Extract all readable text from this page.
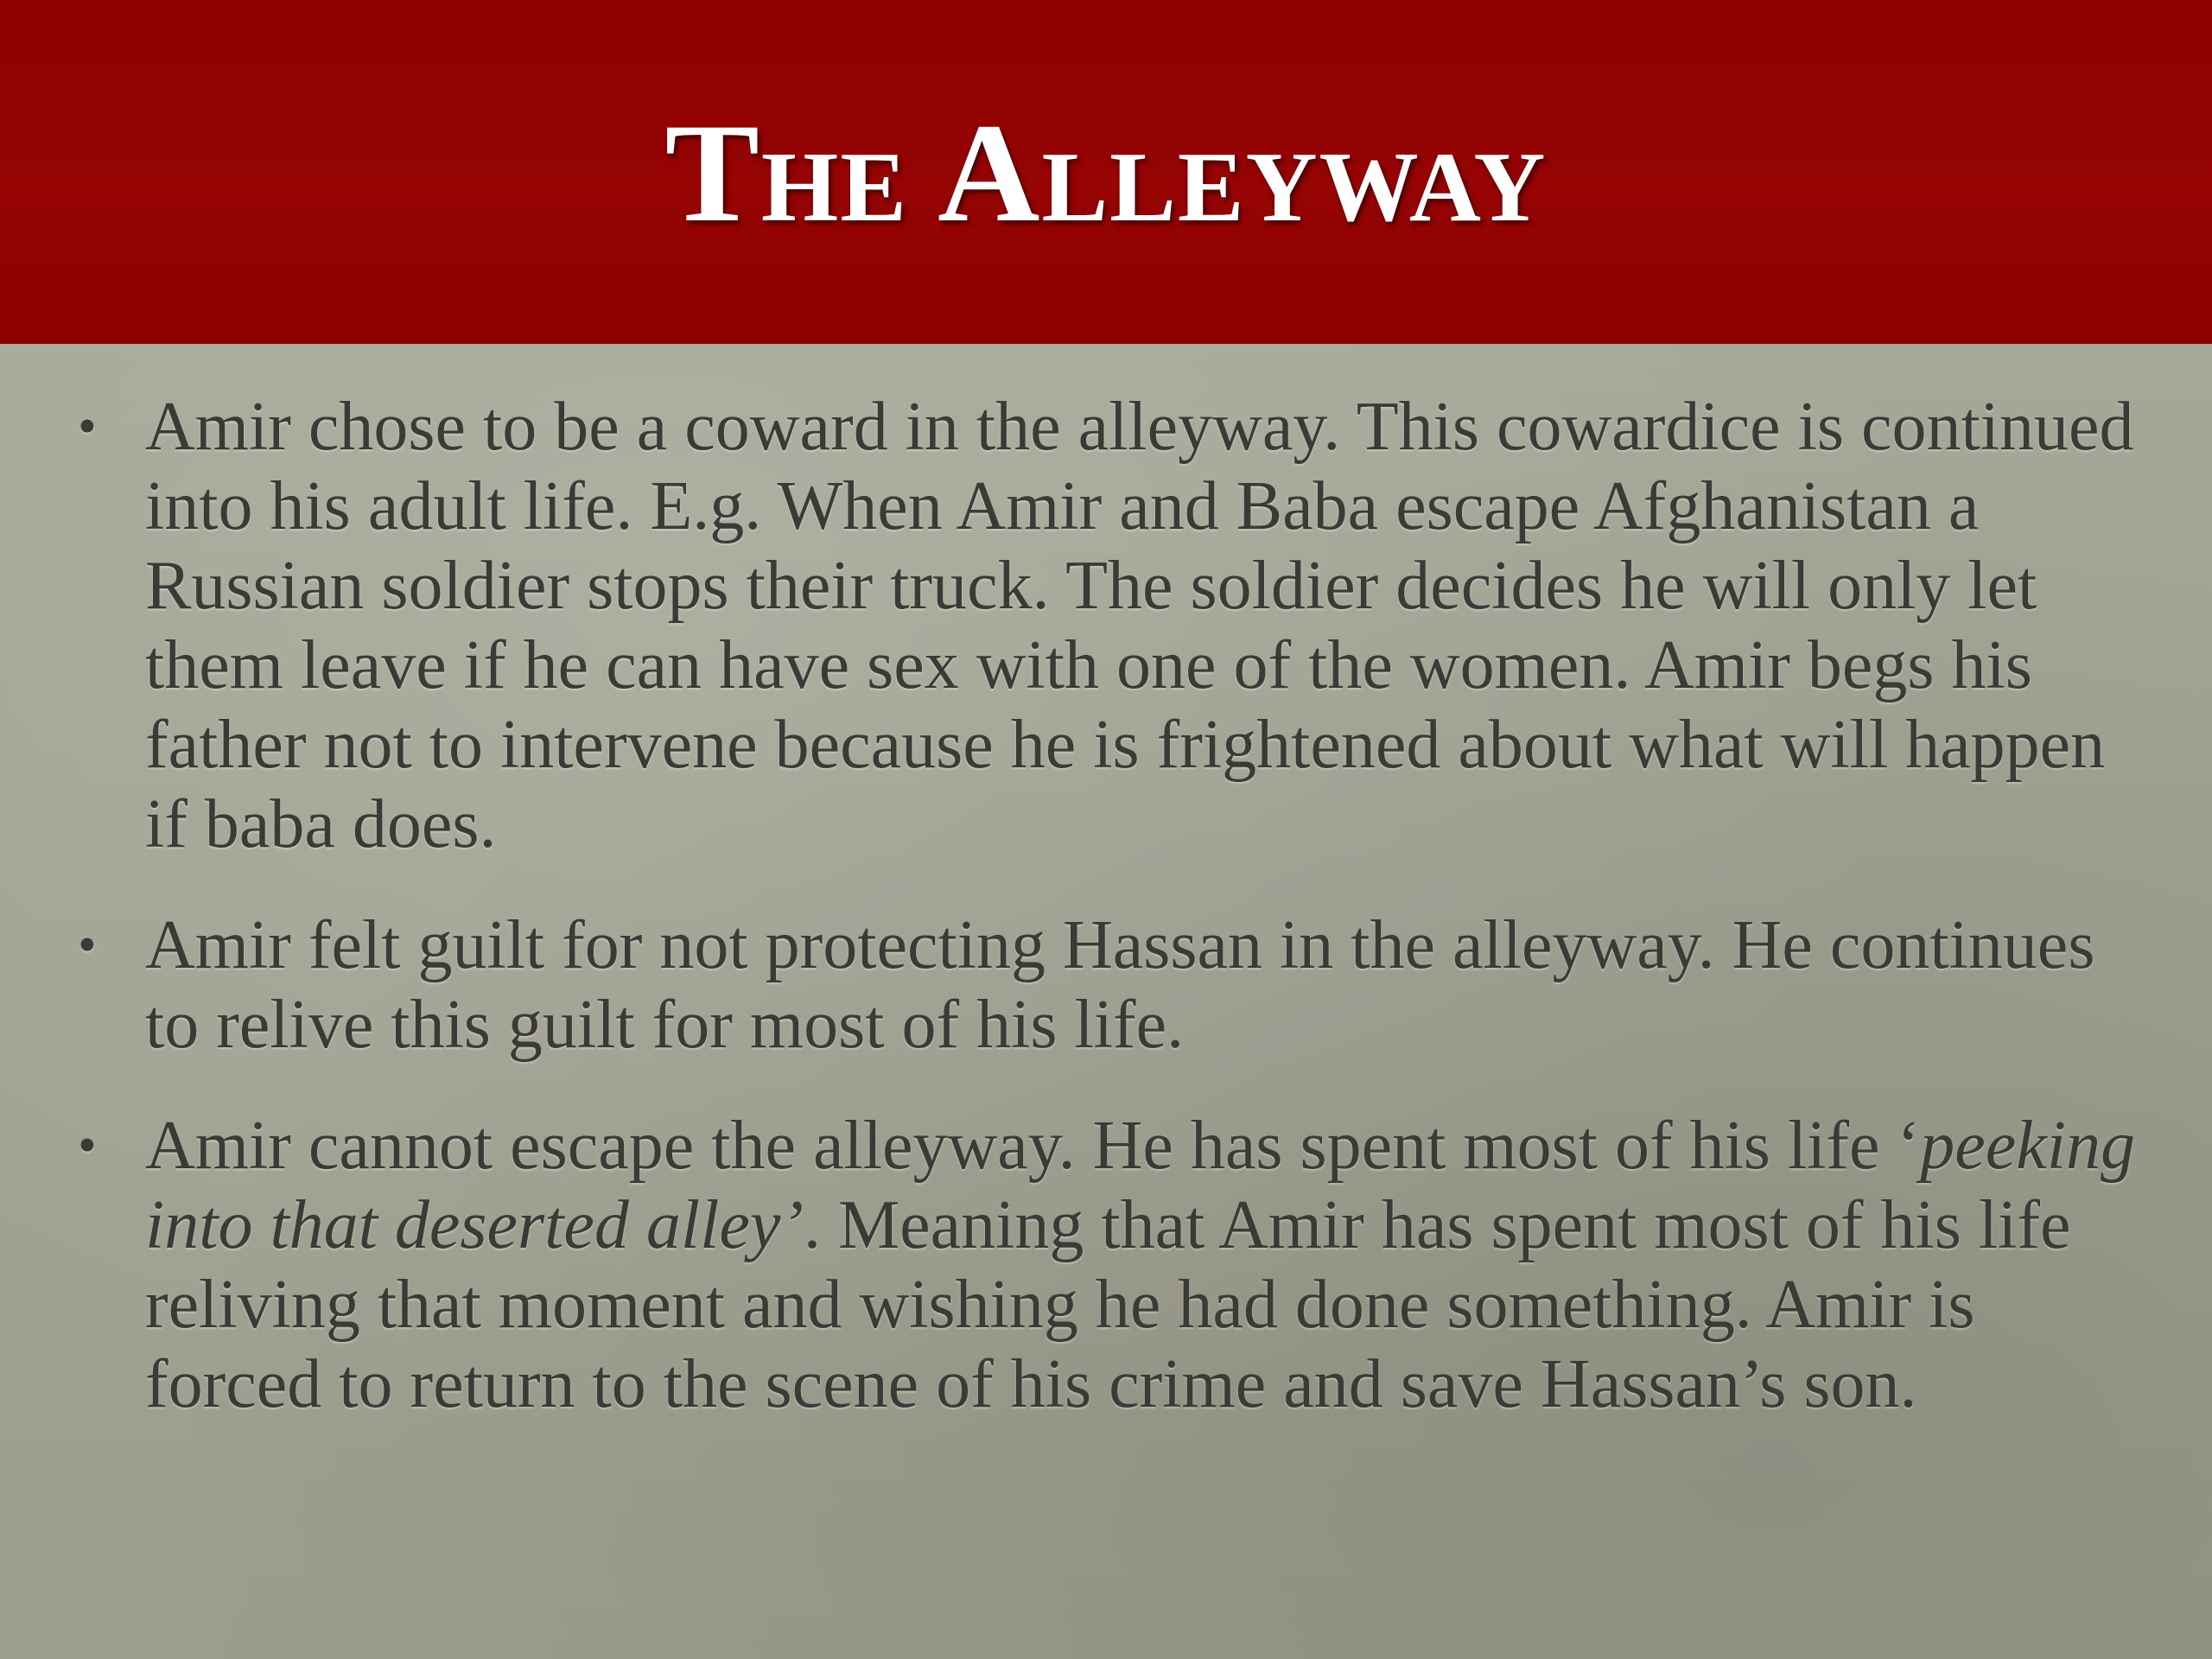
The Alleyway
• Amir chose to be a coward in the alleyway. This cowardice is continued into his adult life. E.g. When Amir and Baba escape Afghanistan a Russian soldier stops their truck. The soldier decides he will only let them leave if he can have sex with one of the women. Amir begs his father not to intervene because he is frightened about what will happen if baba does.
• Amir felt guilt for not protecting Hassan in the alleyway. He continues to relive this guilt for most of his life.
• Amir cannot escape the alleyway. He has spent most of his life ‘peeking into that deserted alley’. Meaning that Amir has spent most of his life reliving that moment and wishing he had done something. Amir is forced to return to the scene of his crime and save Hassan’s son.
